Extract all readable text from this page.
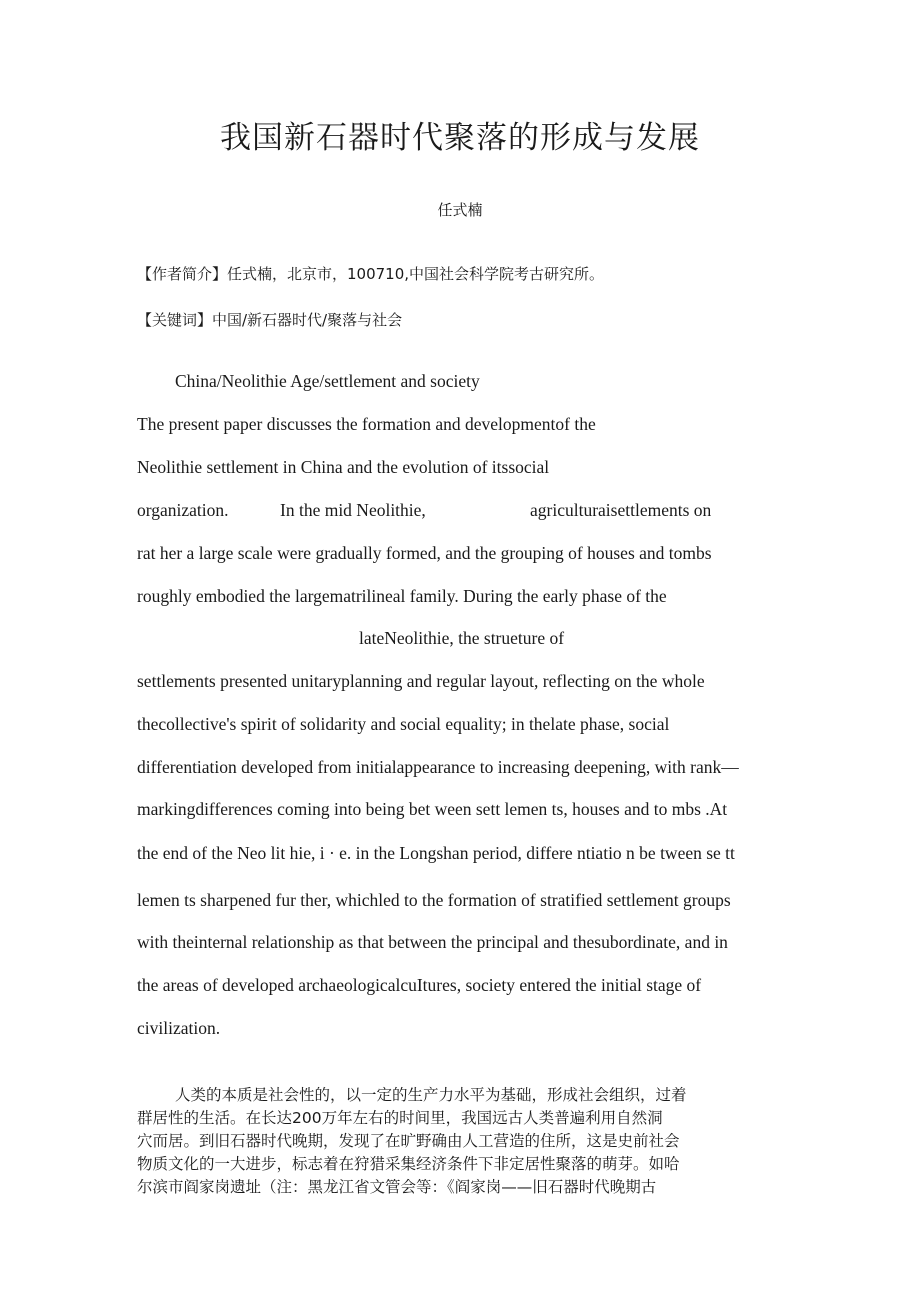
我国新石器时代聚落的形成与发展
任式楠
【作者简介】任式楠，北京市，100710,中国社会科学院考古研究所。
【关键词】中国/新石器时代/聚落与社会
China/Neolithie Age/settlement and society
The present paper discusses the formation and developmentof the
Neolithie settlement in China and the evolution of itssocial
organization.	In the mid Neolithie,	agriculturaisettlements on
rat her a large scale were gradually formed, and the grouping of houses and tombs
roughly embodied the largematrilineal family. During the early phase of the
lateNeolithie, the strueture of
settlements presented unitaryplanning and regular layout, reflecting on the whole
thecollective's spirit of solidarity and social equality; in thelate phase, social
differentiation developed from initialappearance to increasing deepening, with rank—
markingdifferences coming into being bet ween sett lemen ts, houses and to mbs .At
the end of the Neo lit hie, i · e. in the Longshan period, differe ntiatio n be tween se tt
lemen ts sharpened fur ther, whichled to the formation of stratified settlement groups
with theinternal relationship as that between the principal and thesubordinate, and in
the areas of developed archaeologicalcuItures, society entered the initial stage of
civilization.
人类的本质是社会性的，以一定的生产力水平为基础，形成社会组织，过着
群居性的生活。在长达200万年左右的时间里，我国远古人类普遍利用自然洞
穴而居。到旧石器时代晚期，发现了在旷野确由人工营造的住所，这是史前社会
物质文化的一大进步，标志着在狩猎采集经济条件下非定居性聚落的萌芽。如哈
尔滨市阎家岗遗址（注：黑龙江省文管会等：《阎家岗——旧石器时代晚期古
